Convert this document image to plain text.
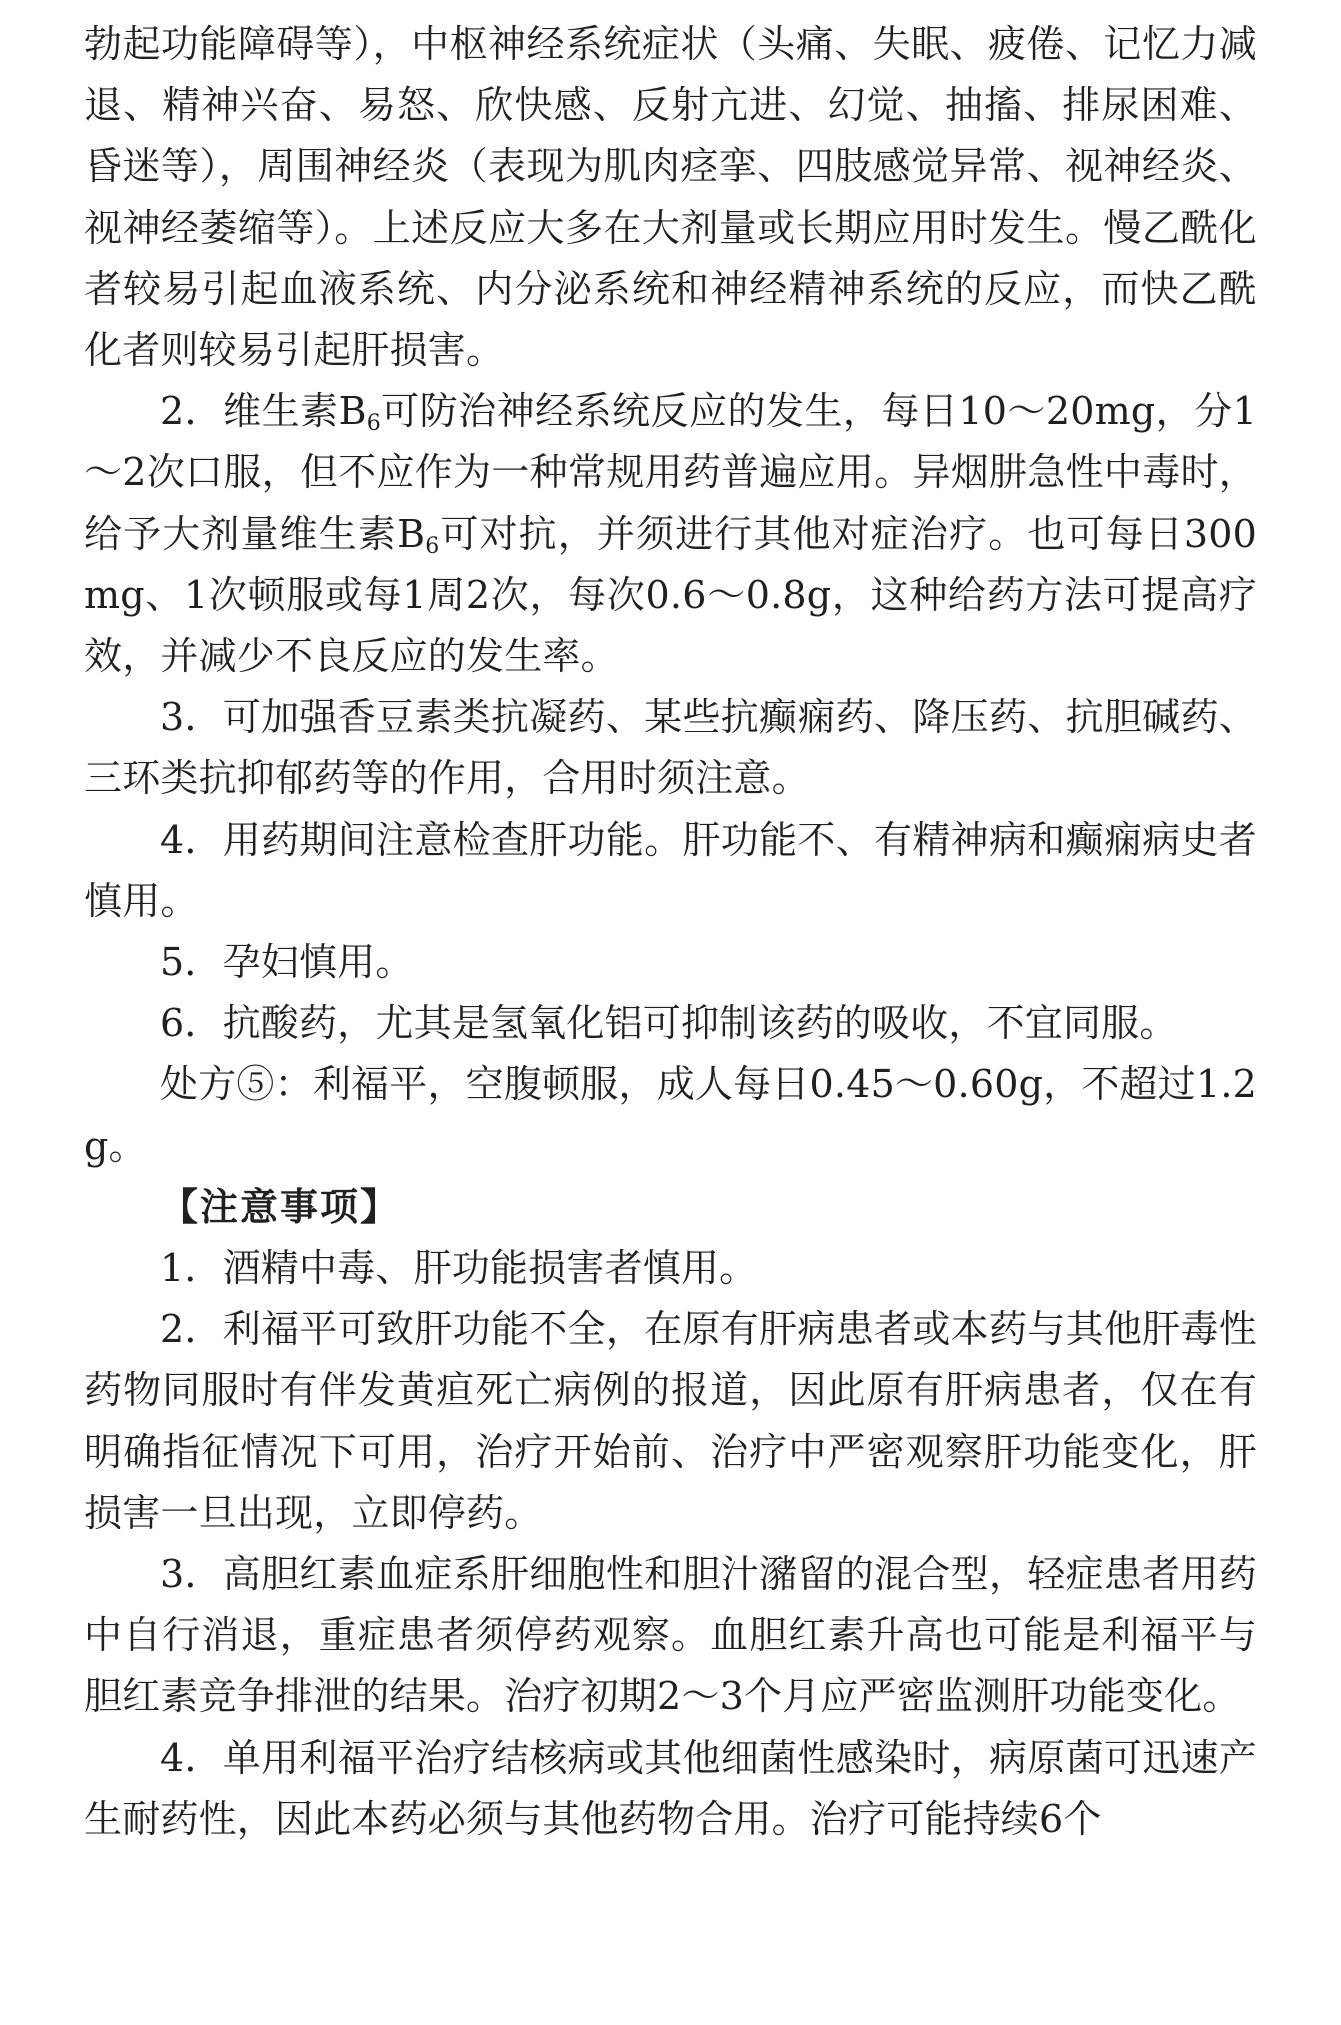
勃起功能障碍等），中枢神经系统症状（头痛、失眠、疲倦、记忆力减退、精神兴奋、易怒、欣快感、反射亢进、幻觉、抽搐、排尿困难、昏迷等），周围神经炎（表现为肌肉痉挛、四肢感觉异常、视神经炎、视神经萎缩等）。上述反应大多在大剂量或长期应用时发生。慢乙酰化者较易引起血液系统、内分泌系统和神经精神系统的反应，而快乙酰化者则较易引起肝损害。

2．维生素$B_6$可防治神经系统反应的发生，每日10～20mg，分1～2次口服，但不应作为一种常规用药普遍应用。异烟肼急性中毒时，给予大剂量维生素$B_6$可对抗，并须进行其他对症治疗。也可每日300mg、1次顿服或每1周2次，每次0.6～0.8g，这种给药方法可提高疗效，并减少不良反应的发生率。

3．可加强香豆素类抗凝药、某些抗癫痫药、降压药、抗胆碱药、三环类抗抑郁药等的作用，合用时须注意。

4．用药期间注意检查肝功能。肝功能不、有精神病和癫痫病史者慎用。

5．孕妇慎用。

6．抗酸药，尤其是氢氧化铝可抑制该药的吸收，不宜同服。

处方⑤：利福平，空腹顿服，成人每日0.45～0.60g，不超过1.2g。

【注意事项】

1．酒精中毒、肝功能损害者慎用。

2．利福平可致肝功能不全，在原有肝病患者或本药与其他肝毒性药物同服时有伴发黄疸死亡病例的报道，因此原有肝病患者，仅在有明确指征情况下可用，治疗开始前、治疗中严密观察肝功能变化，肝损害一旦出现，立即停药。

3．高胆红素血症系肝细胞性和胆汁瀦留的混合型，轻症患者用药中自行消退，重症患者须停药观察。血胆红素升高也可能是利福平与胆红素竞争排泄的结果。治疗初期2～3个月应严密监测肝功能变化。

4．单用利福平治疗结核病或其他细菌性感染时，病原菌可迅速产生耐药性，因此本药必须与其他药物合用。治疗可能持续6个
